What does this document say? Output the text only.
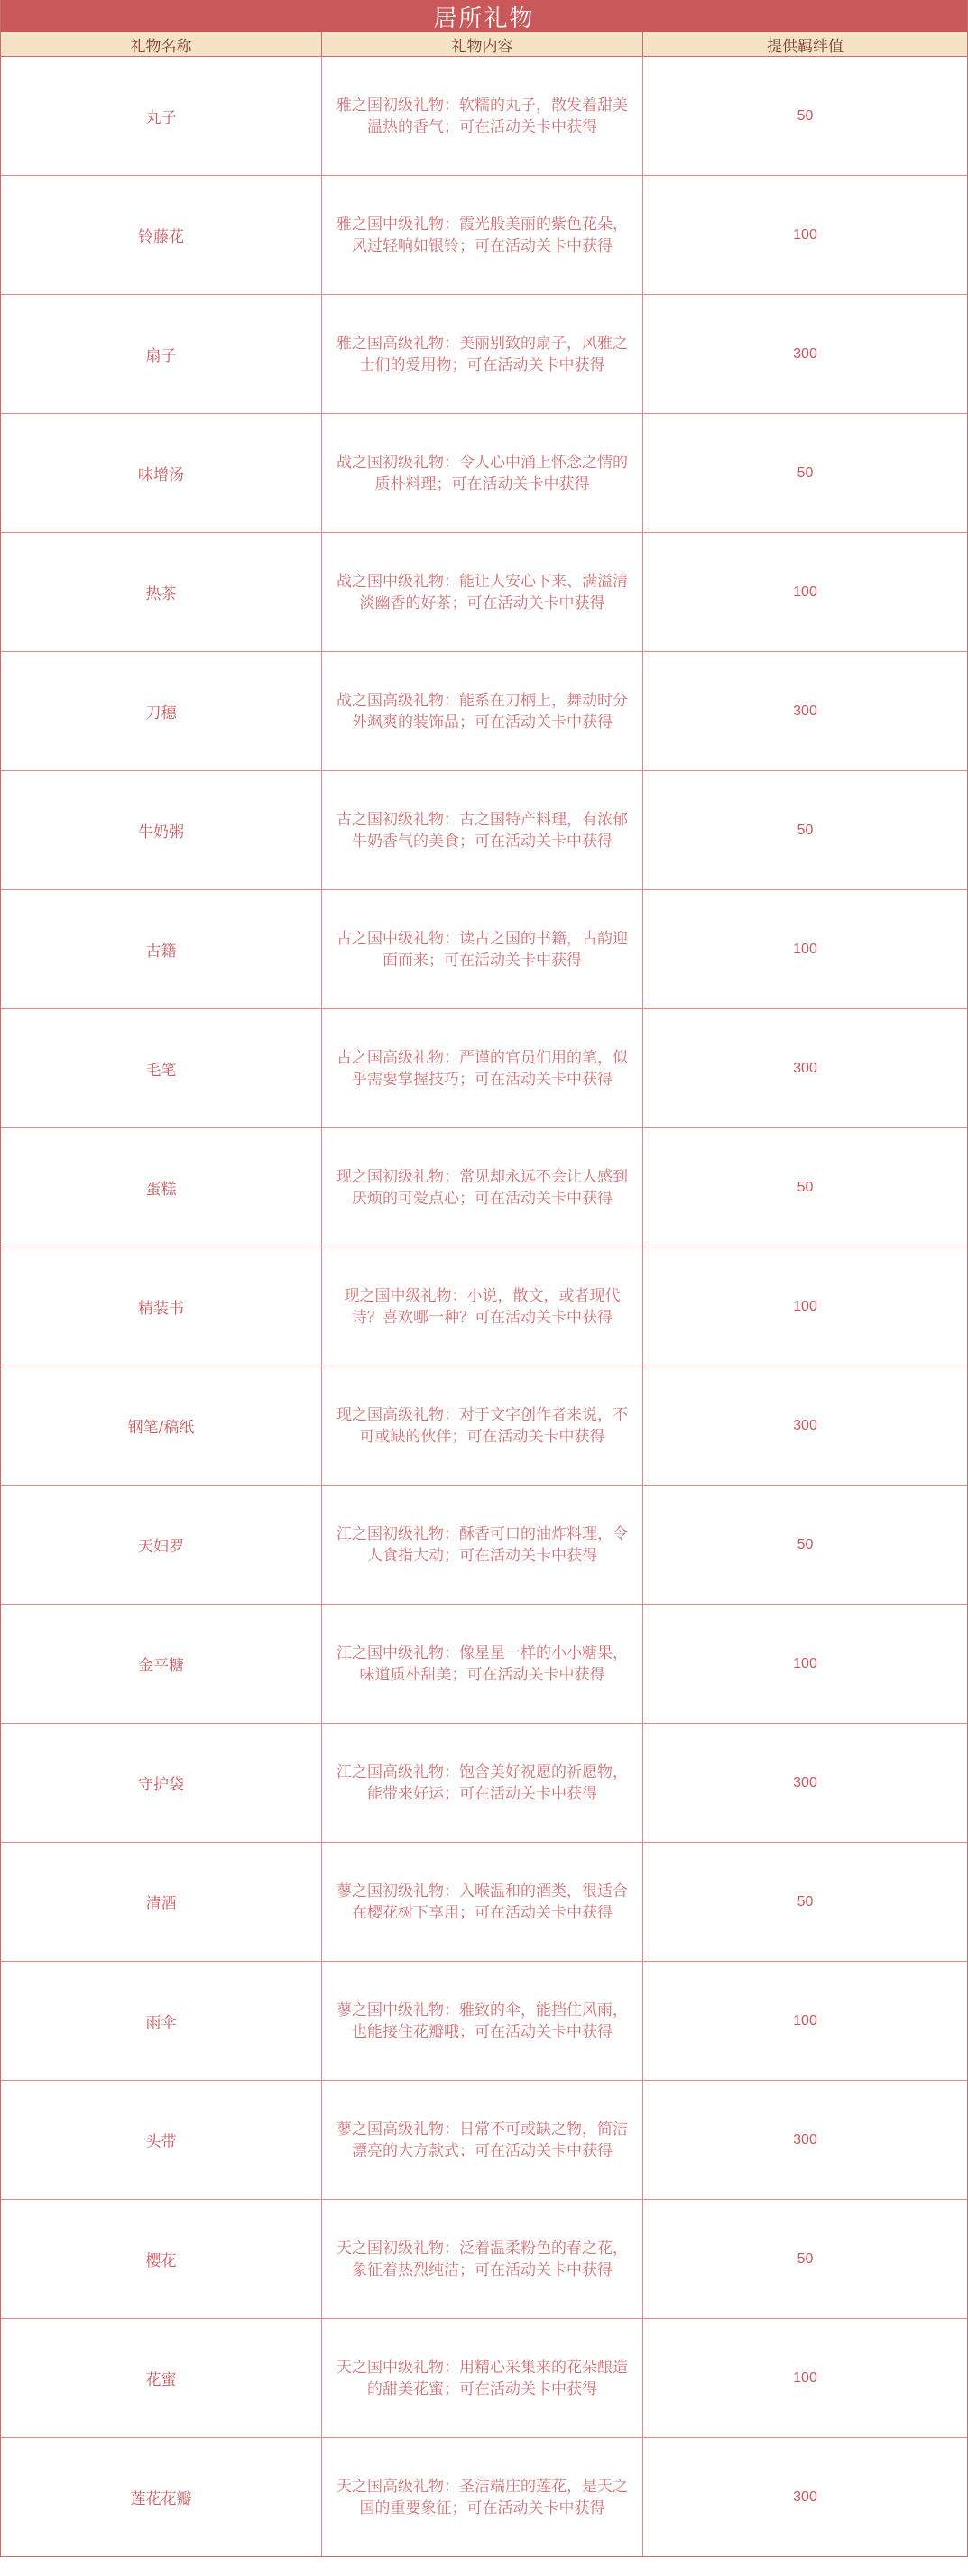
居所礼物
礼物名称	礼物内容	提供羁绊值
丸子
雅之国初级礼物：软糯的丸子，散发着甜美温热的香气；可在活动关卡中获得
50
铃藤花
雅之国中级礼物：霞光般美丽的紫色花朵，风过轻响如银铃；可在活动关卡中获得
100
扇子
雅之国高级礼物：美丽别致的扇子，风雅之士们的爱用物；可在活动关卡中获得
300
味增汤
战之国初级礼物：令人心中涌上怀念之情的质朴料理；可在活动关卡中获得
50
热茶
战之国中级礼物：能让人安心下来、满溢清淡幽香的好茶；可在活动关卡中获得
100
刀穗
战之国高级礼物：能系在刀柄上，舞动时分外飒爽的装饰品；可在活动关卡中获得
300
牛奶粥
古之国初级礼物：古之国特产料理，有浓郁牛奶香气的美食；可在活动关卡中获得
50
古籍
古之国中级礼物：读古之国的书籍，古韵迎面而来；可在活动关卡中获得
100
毛笔
古之国高级礼物：严谨的官员们用的笔，似乎需要掌握技巧；可在活动关卡中获得
300
蛋糕
现之国初级礼物：常见却永远不会让人感到厌烦的可爱点心；可在活动关卡中获得
50
精装书
现之国中级礼物：小说，散文，或者现代诗？喜欢哪一种？可在活动关卡中获得
100
钢笔/稿纸
现之国高级礼物：对于文字创作者来说，不可或缺的伙伴；可在活动关卡中获得
300
天妇罗
江之国初级礼物：酥香可口的油炸料理，令人食指大动；可在活动关卡中获得
50
金平糖
江之国中级礼物：像星星一样的小小糖果，味道质朴甜美；可在活动关卡中获得
100
守护袋
江之国高级礼物：饱含美好祝愿的祈愿物，能带来好运；可在活动关卡中获得
300
清酒
蓼之国初级礼物：入喉温和的酒类，很适合在樱花树下享用；可在活动关卡中获得
50
雨伞
蓼之国中级礼物：雅致的伞，能挡住风雨，也能接住花瓣哦；可在活动关卡中获得
100
头带
蓼之国高级礼物：日常不可或缺之物，简洁漂亮的大方款式；可在活动关卡中获得
300
樱花
天之国初级礼物：泛着温柔粉色的春之花，象征着热烈纯洁；可在活动关卡中获得
50
花蜜
天之国中级礼物：用精心采集来的花朵酿造的甜美花蜜；可在活动关卡中获得
100
莲花花瓣
天之国高级礼物：圣洁端庄的莲花，是天之国的重要象征；可在活动关卡中获得
300
